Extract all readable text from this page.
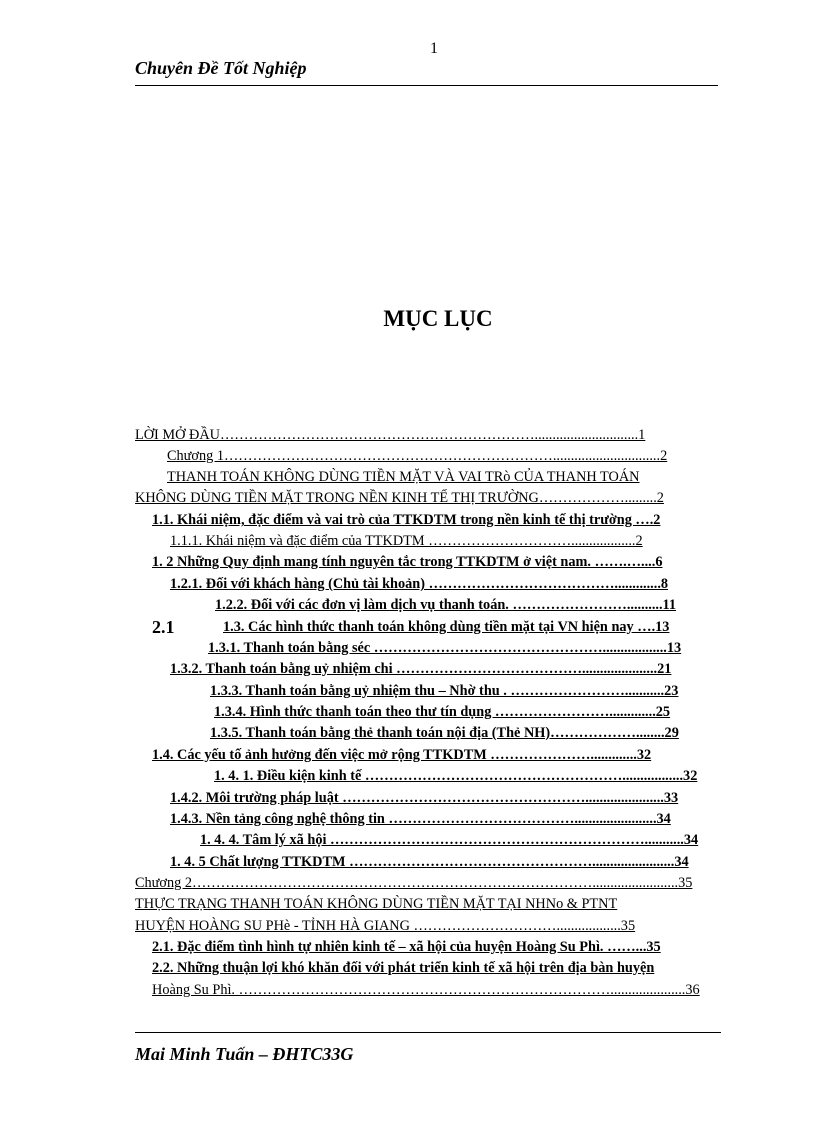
1
Chuyên Đề Tốt Nghiệp
MỤC LỤC
LỜI MỞ ĐẦU………………………………………………………….............................1
Chương 1……………………………………………………………..............................2
THANH TOÁN KHÔNG DÙNG TIỀN MẶT VÀ VAI TRò CỦA THANH TOÁN
KHÔNG DÙNG TIỀN MẶT TRONG NỀN KINH TẾ THỊ TRƯỜNG……………….........2
1.1. Khái niệm, đặc điểm và vai trò của TTKDTM trong nền kinh tế thị trường ….2
1.1.1. Khái niệm và đặc điểm của TTKDTM …………………………..................2
1. 2 Những Quy định mang tính nguyên tắc trong TTKDTM ở việt nam. …….…....6
1.2.1. Đối với khách hàng (Chủ tài khoản) ………………………………….............8
1.2.2. Đối với các đơn vị làm dịch vụ thanh toán. ……………………..........11
2.1	1.3. Các hình thức thanh toán không dùng tiền mặt tại VN hiện nay ….13
1.3.1. Thanh toán bằng séc …………………………………………..................13
1.3.2. Thanh toán bằng uỷ nhiệm chi ………………………………….....................21
1.3.3. Thanh toán bằng uỷ nhiệm thu – Nhờ thu . ……………………...........23
1.3.4. Hình thức thanh toán theo thư tín dụng …………………….............25
1.3.5. Thanh toán bằng thẻ thanh toán nội địa (Thẻ NH)………………........29
1.4. Các yếu tố ảnh hưởng đến việc mở rộng TTKDTM ………………….............32
1. 4. 1. Điều kiện kinh tế ……………………………………………….................32
1.4.2. Môi trường pháp luật ……………………………………………......................33
1.4.3. Nền tảng công nghệ thông tin ………………………………….......................34
1. 4. 4. Tâm lý xã hội …………………………………………………………...........34
1. 4. 5 Chất lượng TTKDTM …………………………………………….......................34
Chương 2…………………………………………………………………………........................35
THỰC TRẠNG THANH TOÁN KHÔNG DÙNG TIỀN MẶT TẠI NHNo & PTNT
HUYỆN HOÀNG SU PHè - TỈNH HÀ GIANG …………………………..................35
2.1. Đặc điểm tình hình tự nhiên kinh tế – xã hội của huyện Hoàng Su Phì. ……...35
2.2. Những thuận lợi khó khăn đối với phát triển kinh tế xã hội trên địa bàn huyện
Hoàng Su Phì. …………………………………………………………………….....................36
Mai Minh Tuấn – ĐHTC33G
